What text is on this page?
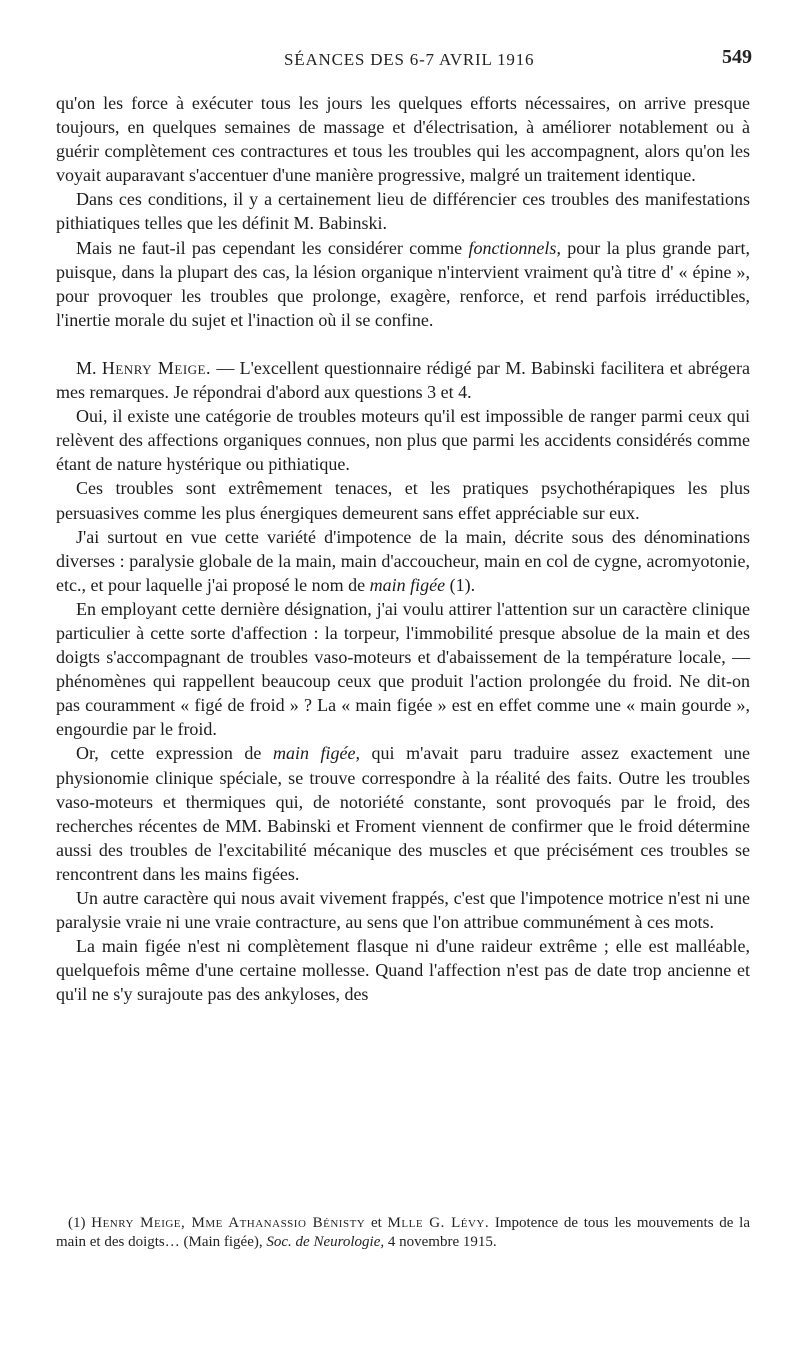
SÉANCES DES 6-7 AVRIL 1916	549

qu'on les force à exécuter tous les jours les quelques efforts nécessaires, on arrive presque toujours, en quelques semaines de massage et d'électrisation, à améliorer notablement ou à guérir complètement ces contractures et tous les troubles qui les accompagnent, alors qu'on les voyait auparavant s'accentuer d'une manière progressive, malgré un traitement identique.

Dans ces conditions, il y a certainement lieu de différencier ces troubles des manifestations pithiatiques telles que les définit M. Babinski.

Mais ne faut-il pas cependant les considérer comme fonctionnels, pour la plus grande part, puisque, dans la plupart des cas, la lésion organique n'intervient vraiment qu'à titre d' « épine », pour provoquer les troubles que prolonge, exagère, renforce, et rend parfois irréductibles, l'inertie morale du sujet et l'inaction où il se confine.

M. Henry Meige. — L'excellent questionnaire rédigé par M. Babinski facilitera et abrégera mes remarques. Je répondrai d'abord aux questions 3 et 4.

Oui, il existe une catégorie de troubles moteurs qu'il est impossible de ranger parmi ceux qui relèvent des affections organiques connues, non plus que parmi les accidents considérés comme étant de nature hystérique ou pithiatique.

Ces troubles sont extrêmement tenaces, et les pratiques psychothérapiques les plus persuasives comme les plus énergiques demeurent sans effet appréciable sur eux.

J'ai surtout en vue cette variété d'impotence de la main, décrite sous des dénominations diverses : paralysie globale de la main, main d'accoucheur, main en col de cygne, acromyotonie, etc., et pour laquelle j'ai proposé le nom de main figée (1).

En employant cette dernière désignation, j'ai voulu attirer l'attention sur un caractère clinique particulier à cette sorte d'affection : la torpeur, l'immobilité presque absolue de la main et des doigts s'accompagnant de troubles vaso-moteurs et d'abaissement de la température locale, — phénomènes qui rappellent beaucoup ceux que produit l'action prolongée du froid. Ne dit-on pas couramment « figé de froid » ? La « main figée » est en effet comme une « main gourde », engourdie par le froid.

Or, cette expression de main figée, qui m'avait paru traduire assez exactement une physionomie clinique spéciale, se trouve correspondre à la réalité des faits. Outre les troubles vaso-moteurs et thermiques qui, de notoriété constante, sont provoqués par le froid, des recherches récentes de MM. Babinski et Froment viennent de confirmer que le froid détermine aussi des troubles de l'excitabilité mécanique des muscles et que précisément ces troubles se rencontrent dans les mains figées.

Un autre caractère qui nous avait vivement frappés, c'est que l'impotence motrice n'est ni une paralysie vraie ni une vraie contracture, au sens que l'on attribue communément à ces mots.

La main figée n'est ni complètement flasque ni d'une raideur extrême ; elle est malléable, quelquefois même d'une certaine mollesse. Quand l'affection n'est pas de date trop ancienne et qu'il ne s'y surajoute pas des ankyloses, des

(1) Henry Meige, Mme Athanassio Bénisty et Mlle G. Lévy. Impotence de tous les mouvements de la main et des doigts… (Main figée), Soc. de Neurologie, 4 novembre 1915.
